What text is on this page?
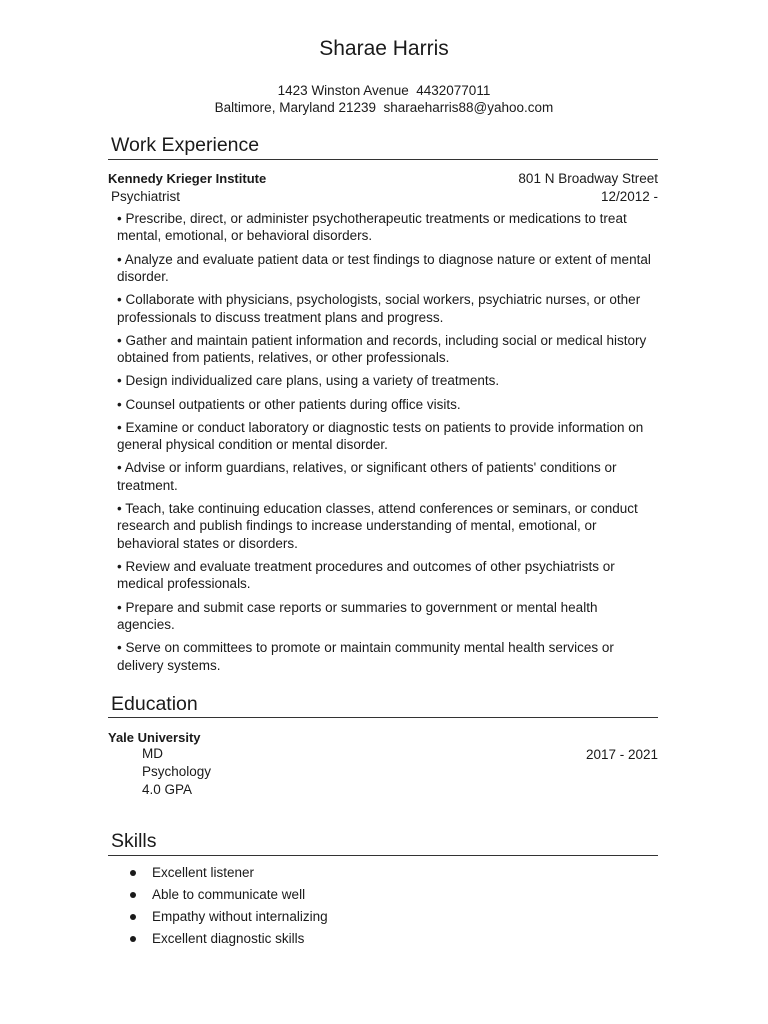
Sharae Harris
1423 Winston Avenue  4432077011
Baltimore, Maryland 21239  sharaeharris88@yahoo.com
Work Experience
Kennedy Krieger Institute	801 N Broadway Street
Psychiatrist	12/2012 -
• Prescribe, direct, or administer psychotherapeutic treatments or medications to treat mental, emotional, or behavioral disorders.
• Analyze and evaluate patient data or test findings to diagnose nature or extent of mental disorder.
• Collaborate with physicians, psychologists, social workers, psychiatric nurses, or other professionals to discuss treatment plans and progress.
• Gather and maintain patient information and records, including social or medical history obtained from patients, relatives, or other professionals.
• Design individualized care plans, using a variety of treatments.
• Counsel outpatients or other patients during office visits.
• Examine or conduct laboratory or diagnostic tests on patients to provide information on general physical condition or mental disorder.
• Advise or inform guardians, relatives, or significant others of patients' conditions or treatment.
• Teach, take continuing education classes, attend conferences or seminars, or conduct research and publish findings to increase understanding of mental, emotional, or behavioral states or disorders.
• Review and evaluate treatment procedures and outcomes of other psychiatrists or medical professionals.
• Prepare and submit case reports or summaries to government or mental health agencies.
• Serve on committees to promote or maintain community mental health services or delivery systems.
Education
Yale University
MD	2017 - 2021
Psychology
4.0 GPA
Skills
Excellent listener
Able to communicate well
Empathy without internalizing
Excellent diagnostic skills
